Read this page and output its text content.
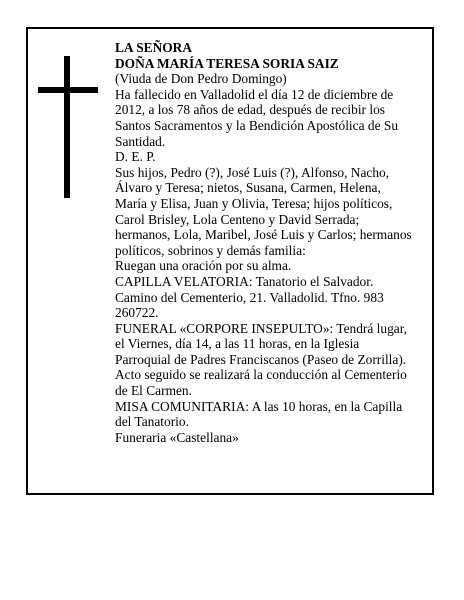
LA SEÑORA

DOÑA MARÍA TERESA SORIA SAIZ

(Viuda de Don Pedro Domingo)

Ha fallecido en Valladolid el día 12 de diciembre de 2012, a los 78 años de edad, después de recibir los Santos Sacramentos y la Bendición Apostólica de Su Santidad.

D. E. P.

Sus hijos, Pedro (?), José Luis (?), Alfonso, Nacho, Álvaro y Teresa; nietos, Susana, Carmen, Helena, María y Elisa, Juan y Olivia, Teresa; hijos políticos, Carol Brisley, Lola Centeno y David Serrada; hermanos, Lola, Maribel, José Luis y Carlos; hermanos políticos, sobrinos y demás familia:

Ruegan una oración por su alma.

CAPILLA VELATORIA: Tanatorio el Salvador. Camino del Cementerio, 21. Valladolid. Tfno. 983 260722.

FUNERAL «CORPORE INSEPULTO»: Tendrá lugar, el Viernes, día 14, a las 11 horas, en la Iglesia Parroquial de Padres Franciscanos (Paseo de Zorrilla). Acto seguido se realizará la conducción al Cementerio de El Carmen.

MISA COMUNITARIA: A las 10 horas, en la Capilla del Tanatorio.

Funeraria «Castellana»
